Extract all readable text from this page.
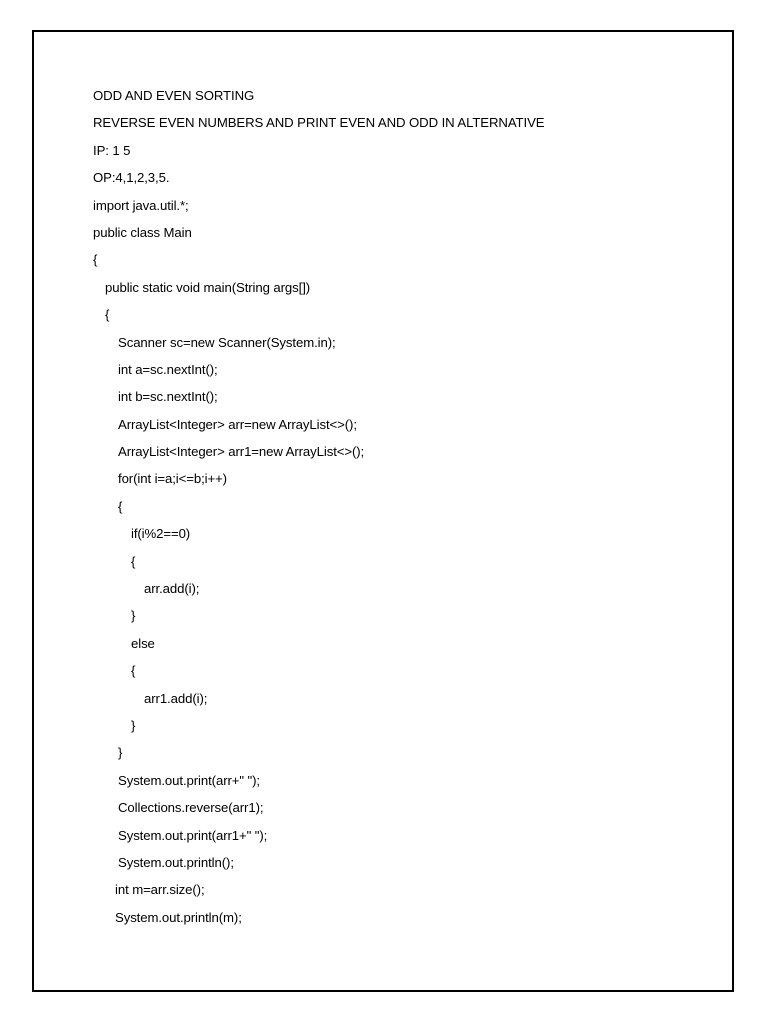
ODD AND EVEN SORTING
REVERSE EVEN NUMBERS AND PRINT EVEN AND ODD IN ALTERNATIVE
IP: 1 5
OP:4,1,2,3,5.
import java.util.*;
public class Main
{
public static void main(String args[])
{
Scanner sc=new Scanner(System.in);
int a=sc.nextInt();
int b=sc.nextInt();
ArrayList<Integer> arr=new ArrayList<>();
ArrayList<Integer> arr1=new ArrayList<>();
for(int i=a;i<=b;i++)
{
if(i%2==0)
{
arr.add(i);
}
else
{
arr1.add(i);
}
}
System.out.print(arr+" ");
Collections.reverse(arr1);
System.out.print(arr1+" ");
System.out.println();
int m=arr.size();
System.out.println(m);
